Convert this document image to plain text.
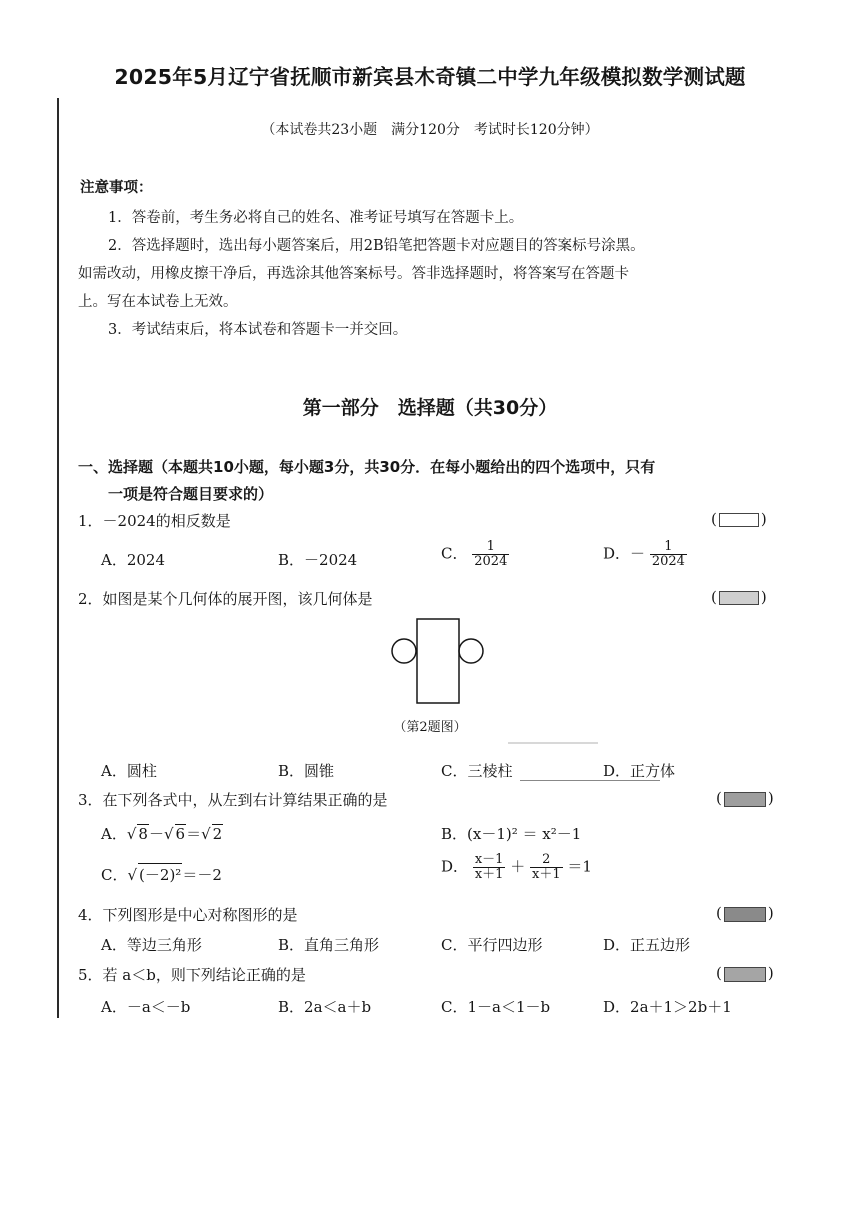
2025年5月辽宁省抚顺市新宾县木奇镇二中学九年级模拟数学测试题
（本试卷共23小题　满分120分　考试时长120分钟）
注意事项：
1．答卷前，考生务必将自己的姓名、准考证号填写在答题卡上。
2．答选择题时，选出每小题答案后，用2B铅笔把答题卡对应题目的答案标号涂黑。
如需改动，用橡皮擦干净后，再选涂其他答案标号。答非选择题时，将答案写在答题卡
上。写在本试卷上无效。
3．考试结束后，将本试卷和答题卡一并交回。
第一部分　选择题（共30分）
一、选择题（本题共10小题，每小题3分，共30分．在每小题给出的四个选项中，只有
一项是符合题目要求的）
1．－2024的相反数是	(	)
A．2024	B．－2024	C． $\frac{1}{2024}$	D．－ $\frac{1}{2024}$
2．如图是某个几何体的展开图，该几何体是	(	)
（第2题图）
A．圆柱	B．圆锥	C．三棱柱	D．正方体
3．在下列各式中，从左到右计算结果正确的是	(	)
A．√ 8－√ 6＝√ 2	B．(x－1)² ＝ x²－1
C．√ (－2)²＝－2	D． $\frac{x-1}{x+1} + \frac{2}{x+1} =1$
4．下列图形是中心对称图形的是	(	)
A．等边三角形	B．直角三角形	C．平行四边形	D．正五边形
5．若 a＜b，则下列结论正确的是	(	)
A．－a＜－b	B．2a＜a＋b	C．1－a＜1－b	D．2a＋1＞2b＋1
